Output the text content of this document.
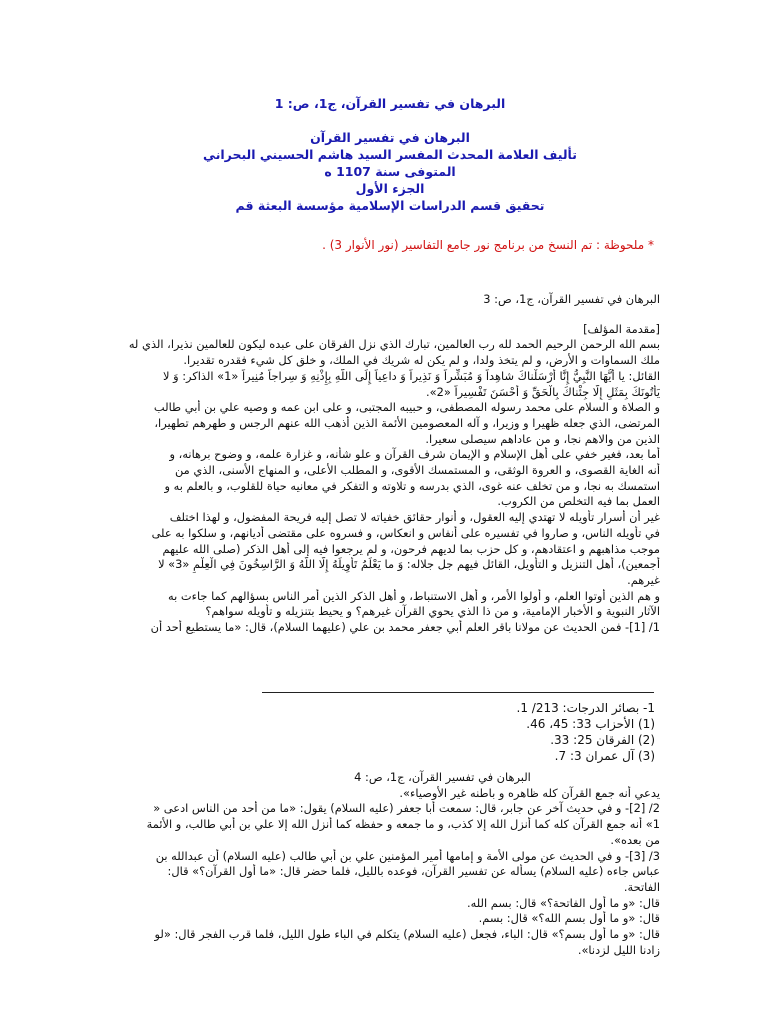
البرهان في تفسير القرآن، ج‏1، ص: 1
البرهان في تفسير القرآن
تأليف العلامة المحدث المفسر السيد هاشم الحسيني البحراني
المتوفى سنة 1107 ه
الجزء الأول
تحقيق قسم الدراسات الإسلامية مؤسسة البعثة قم
* ملحوظة : تم النسخ من برنامج نور جامع التفاسير (نور الأنوار 3) .

البرهان في تفسير القرآن، ج‏1، ص: 3

[مقدمة المؤلف]

بسم الله الرحمن الرحيم الحمد لله رب العالمين، تبارك الذي نزل الفرقان على عبده ليكون للعالمين نذيرا، الذي له
ملك السماوات و الأرض، و لم يتخذ ولدا، و لم يكن له شريك في الملك، و خلق كل شي‏ء فقدره تقديرا.
القائل: يا أَيُّهَا النَّبِيُّ إِنَّا أَرْسَلْناكَ شاهِداً وَ مُبَشِّراً وَ نَذِيراً وَ داعِياً إِلَى اللَّهِ بِإِذْنِهِ وَ سِراجاً مُنِيراً «1» الذاكر: وَ لا
يَأْتُونَكَ بِمَثَلٍ إِلَّا جِئْناكَ بِالْحَقِّ وَ أَحْسَنَ تَفْسِيراً «2».
و الصلاة و السلام على محمد رسوله المصطفى، و حبيبه المجتبى، و على ابن عمه و وصيه علي بن أبي طالب
المرتضى، الذي جعله ظهيرا و وزيرا، و آله المعصومين الأئمة الذين أذهب الله عنهم الرجس و طهرهم تطهيرا،
الذين من والاهم نجا، و من عاداهم سيصلى سعيرا.
أما بعد، فغير خفي على أهل الإسلام و الإيمان شرف القرآن و علو شأنه، و غزارة علمه، و وضوح برهانه، و
أنه الغاية القصوى، و العروة الوثقى، و المستمسك الأقوى، و المطلب الأعلى، و المنهاج الأسنى، الذي من
استمسك به نجا، و من تخلف عنه غوى، الذي بدرسه و تلاوته و التفكر في معانيه حياة للقلوب، و بالعلم به و
العمل بما فيه التخلص من الكروب.
غير أن أسرار تأويله لا تهتدي إليه العقول، و أنوار حقائق خفياته لا تصل إليه فريحة المفضول، و لهذا اختلف
في تأويله الناس، و صاروا في تفسيره على أنفاس و انعكاس، و فسروه على مقتضى أديانهم، و سلكوا به على
موجب مذاهبهم و اعتقادهم، و كل حزب بما لديهم فرحون، و لم يرجعوا فيه إلى أهل الذكر (صلى الله عليهم
أجمعين)، أهل التنزيل و التأويل، القائل فيهم جل جلاله: وَ ما يَعْلَمُ تَأْوِيلَهُ إِلَّا اللَّهُ وَ الرَّاسِخُونَ فِي الْعِلْمِ «3» لا
غيرهم.
و هم الذين أوتوا العلم، و أولوا الأمر، و أهل الاستنباط، و أهل الذكر الذين أمر الناس بسؤالهم كما جاءت به
الآثار النبوية و الأخبار الإمامية، و من ذا الذي يحوي القرآن غيرهم؟ و يحيط بتنزيله و تأويله سواهم؟
1/ [1]- فمن الحديث عن مولانا باقر العلم أبي جعفر محمد بن علي (عليهما السلام)، قال: «ما يستطيع أحد أن
1- بصائر الدرجات: 213/ 1.
(1) الأحزاب 33: 45، 46.
(2) الفرقان 25: 33.
(3) آل عمران 3: 7.

البرهان في تفسير القرآن، ج‏1، ص: 4

يدعي أنه جمع القرآن كله ظاهره و باطنه غير الأوصياء».
2/ [2]- و في حديث آخر عن جابر، قال: سمعت أبا جعفر (عليه السلام) يقول: «ما من أحد من الناس ادعى «
1» أنه جمع القرآن كله كما أنزل الله إلا كذب، و ما جمعه و حفظه كما أنزل الله إلا علي بن أبي طالب، و الأئمة
من بعده».
3/ [3]- و في الحديث عن مولى الأمة و إمامها أمير المؤمنين علي بن أبي طالب (عليه السلام) أن عبدالله بن
عباس جاءه (عليه السلام) يسأله عن تفسير القرآن، فوعده بالليل، فلما حضر قال: «ما أول القرآن؟» قال:
الفاتحة.
قال: «و ما أول الفاتحة؟» قال: بسم الله.
قال: «و ما أول بسم الله؟» قال: بسم.
قال: «و ما أول بسم؟» قال: الباء، فجعل (عليه السلام) يتكلم في الباء طول الليل، فلما قرب الفجر قال: «لو
زادنا الليل لزدنا».
